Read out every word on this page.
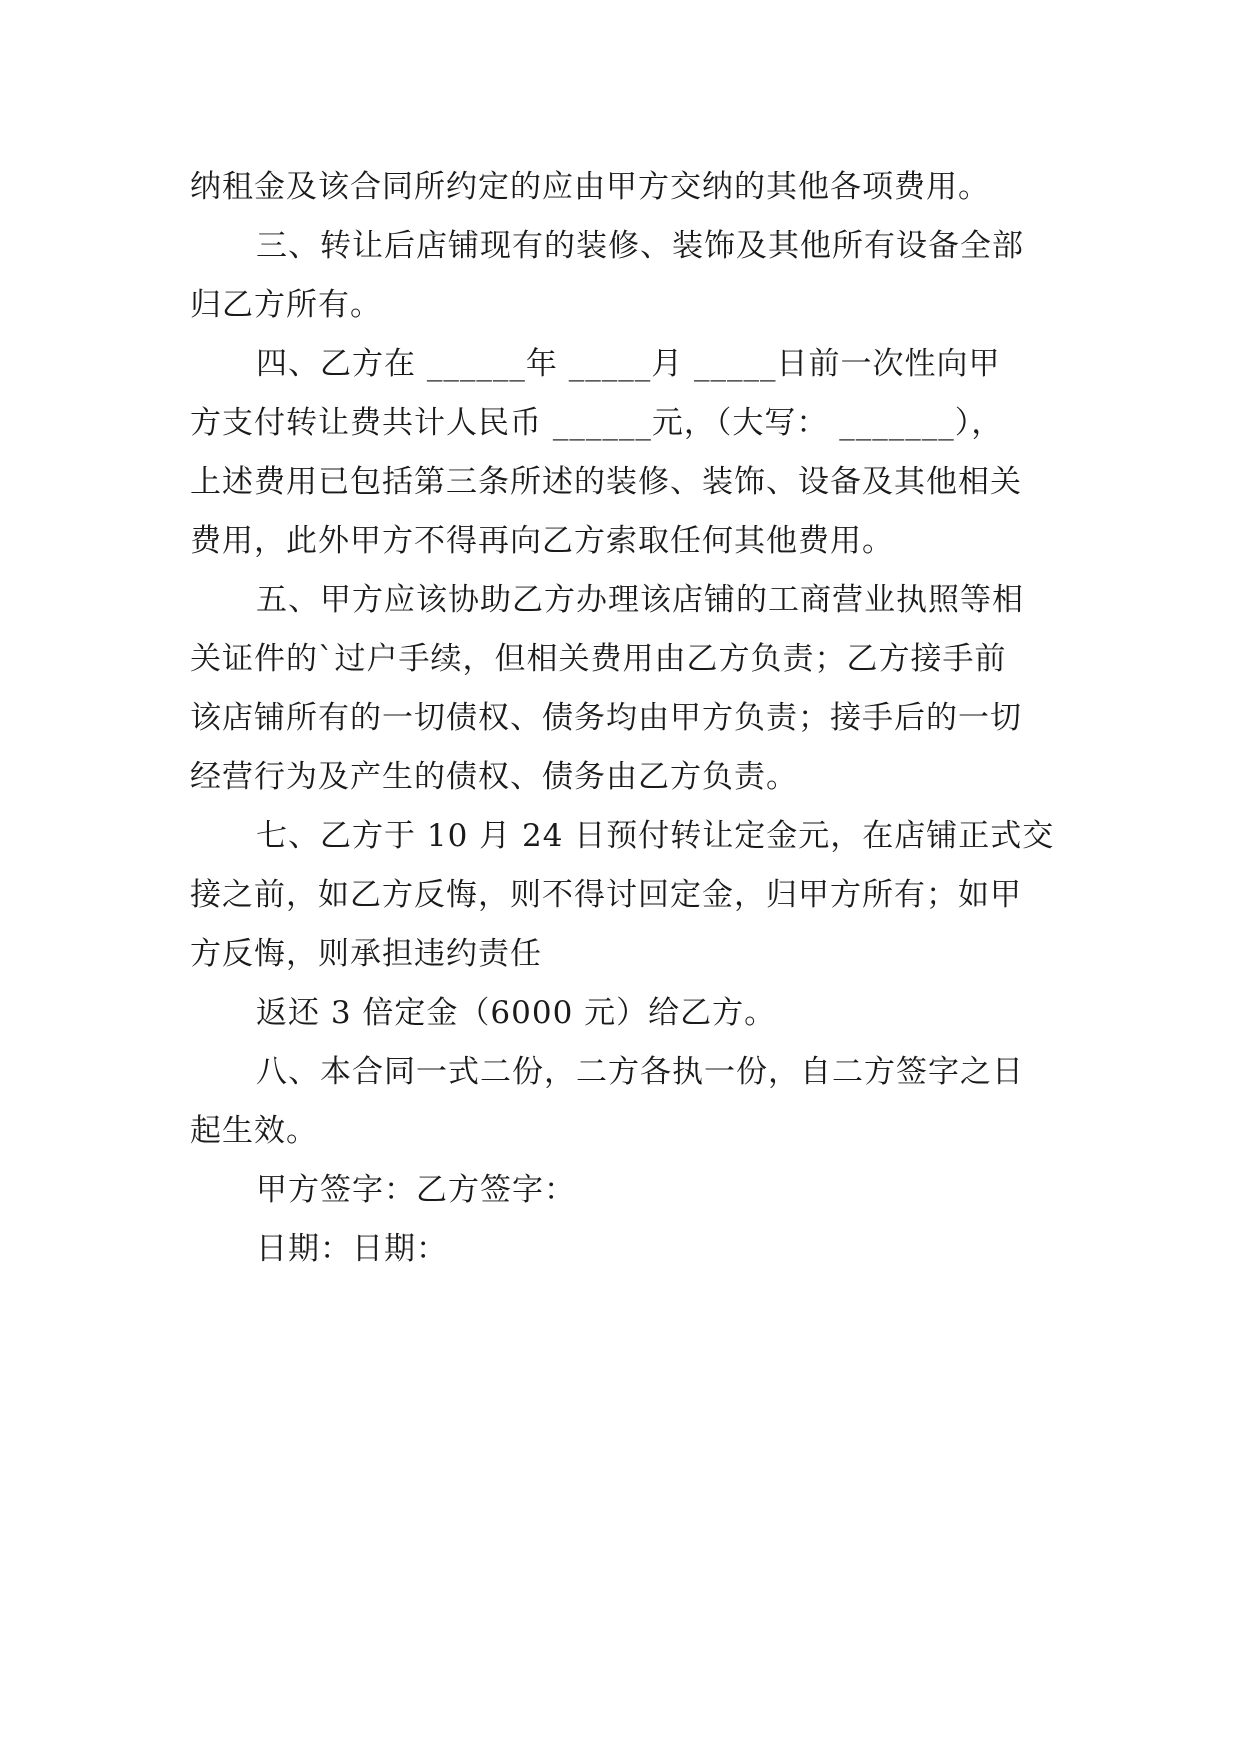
纳租金及该合同所约定的应由甲方交纳的其他各项费用。

三、转让后店铺现有的装修、装饰及其他所有设备全部

归乙方所有。

四、乙方在 ______年 _____月 _____日前一次性向甲

方支付转让费共计人民币 ______元，（大写： _______），

上述费用已包括第三条所述的装修、装饰、设备及其他相关

费用，此外甲方不得再向乙方索取任何其他费用。

五、甲方应该协助乙方办理该店铺的工商营业执照等相

关证件的`过户手续，但相关费用由乙方负责；乙方接手前

该店铺所有的一切债权、债务均由甲方负责；接手后的一切

经营行为及产生的债权、债务由乙方负责。

七、乙方于 10 月 24 日预付转让定金元，在店铺正式交

接之前，如乙方反悔，则不得讨回定金，归甲方所有；如甲

方反悔，则承担违约责任

返还 3 倍定金（6000 元）给乙方。

八、本合同一式二份，二方各执一份，自二方签字之日

起生效。

甲方签字：乙方签字：

日期：日期：
